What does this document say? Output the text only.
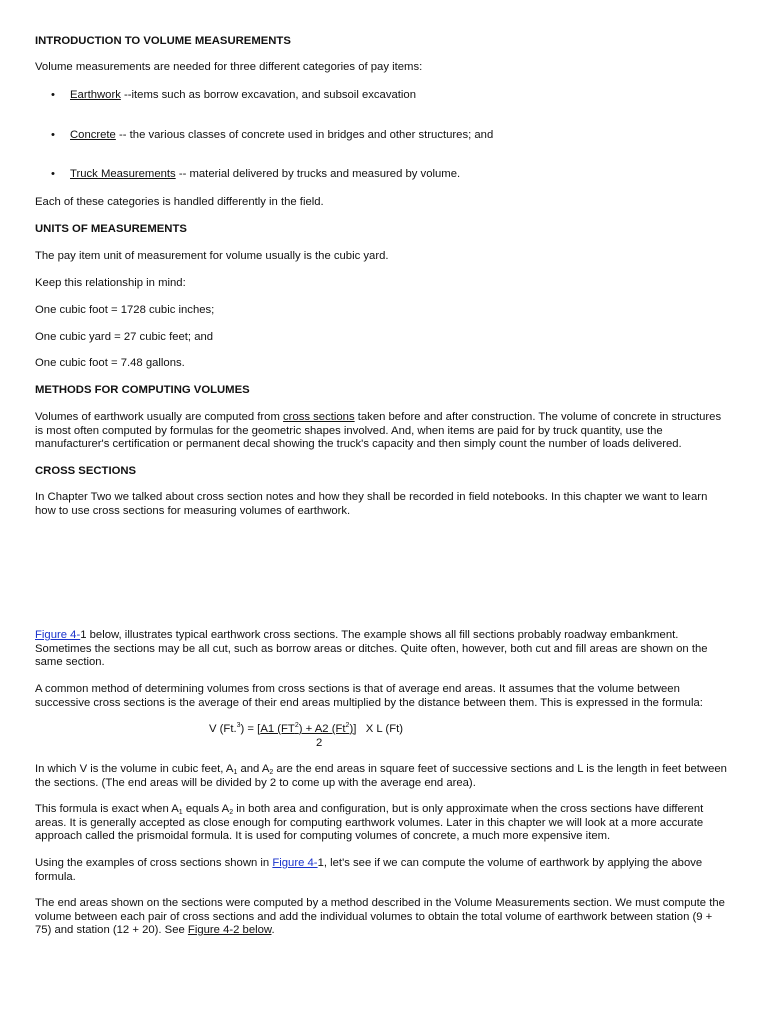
INTRODUCTION TO VOLUME MEASUREMENTS

Volume measurements are needed for three different categories of pay items:

• Earthwork --items such as borrow excavation, and subsoil excavation
• Concrete -- the various classes of concrete used in bridges and other structures; and
• Truck Measurements -- material delivered by trucks and measured by volume.

Each of these categories is handled differently in the field.

UNITS OF MEASUREMENTS

The pay item unit of measurement for volume usually is the cubic yard.

Keep this relationship in mind:

One cubic foot = 1728 cubic inches;

One cubic yard = 27 cubic feet; and

One cubic foot = 7.48 gallons.

METHODS FOR COMPUTING VOLUMES

Volumes of earthwork usually are computed from cross sections taken before and after construction. The volume of concrete in structures is most often computed by formulas for the geometric shapes involved. And, when items are paid for by truck quantity, use the manufacturer's certification or permanent decal showing the truck's capacity and then simply count the number of loads delivered.

CROSS SECTIONS

In Chapter Two we talked about cross section notes and how they shall be recorded in field notebooks. In this chapter we want to learn how to use cross sections for measuring volumes of earthwork.

Figure 4-1 below, illustrates typical earthwork cross sections. The example shows all fill sections probably roadway embankment. Sometimes the sections may be all cut, such as borrow areas or ditches. Quite often, however, both cut and fill areas are shown on the same section.

A common method of determining volumes from cross sections is that of average end areas. It assumes that the volume between successive cross sections is the average of their end areas multiplied by the distance between them. This is expressed in the formula:

V (Ft.$^3$) = [A1 $(FT^2) + A2$ (Ft$^2$)]   X L (Ft)
2

In which V is the volume in cubic feet, $A_1$ and $A_2$ are the end areas in square feet of successive sections and L is the length in feet between the sections. (The end areas will be divided by 2 to come up with the average end area).

This formula is exact when $A_1$ equals $A_2$ in both area and configuration, but is only approximate when the cross sections have different areas. It is generally accepted as close enough for computing earthwork volumes. Later in this chapter we will look at a more accurate approach called the prismoidal formula. It is used for computing volumes of concrete, a much more expensive item.

Using the examples of cross sections shown in Figure 4-1, let's see if we can compute the volume of earthwork by applying the above formula.

The end areas shown on the sections were computed by a method described in the Volume Measurements section. We must compute the volume between each pair of cross sections and add the individual volumes to obtain the total volume of earthwork between station (9 + 75) and station (12 + 20). See Figure 4-2 below.
